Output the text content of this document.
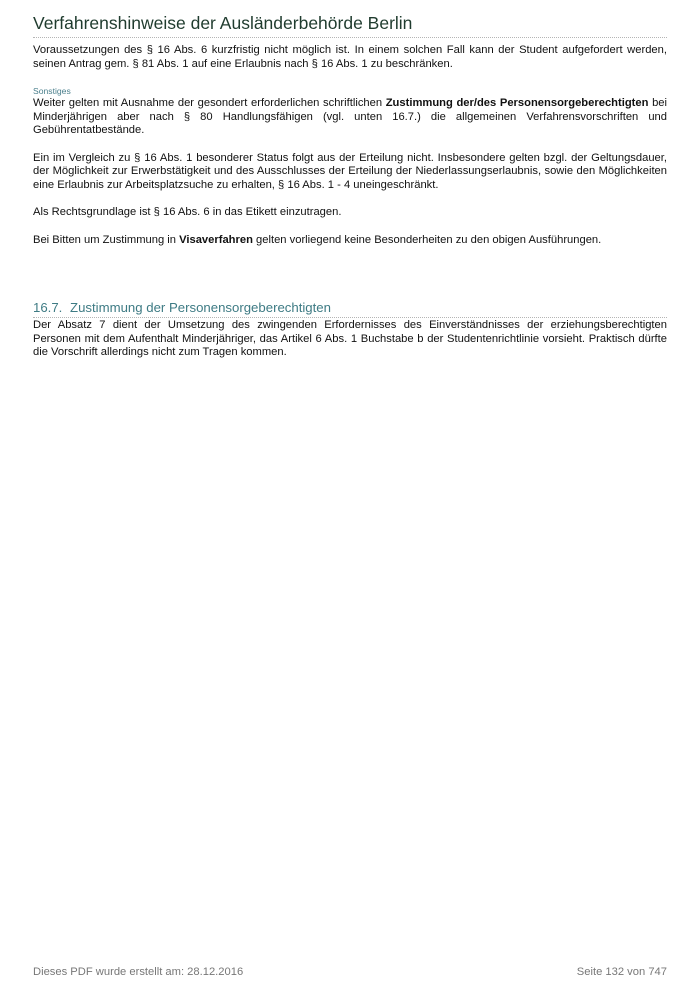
Verfahrenshinweise der Ausländerbehörde Berlin

Voraussetzungen des § 16 Abs. 6 kurzfristig nicht möglich ist. In einem solchen Fall kann der Student aufgefordert werden, seinen Antrag gem. § 81 Abs. 1 auf eine Erlaubnis nach § 16 Abs. 1 zu beschränken.

Sonstiges

Weiter gelten mit Ausnahme der gesondert erforderlichen schriftlichen Zustimmung der/des Personensorgeberechtigten bei Minderjährigen aber nach § 80 Handlungsfähigen (vgl. unten 16.7.) die allgemeinen Verfahrensvorschriften und Gebührentatbestände.

Ein im Vergleich zu § 16 Abs. 1 besonderer Status folgt aus der Erteilung nicht. Insbesondere gelten bzgl. der Geltungsdauer, der Möglichkeit zur Erwerbstätigkeit und des Ausschlusses der Erteilung der Niederlassungserlaubnis, sowie den Möglichkeiten eine Erlaubnis zur Arbeitsplatzsuche zu erhalten, § 16 Abs. 1 - 4 uneingeschränkt.

Als Rechtsgrundlage ist § 16 Abs. 6 in das Etikett einzutragen.

Bei Bitten um Zustimmung in Visaverfahren gelten vorliegend keine Besonderheiten zu den obigen Ausführungen.

16.7. Zustimmung der Personensorgeberechtigten

Der Absatz 7 dient der Umsetzung des zwingenden Erfordernisses des Einverständnisses der erziehungsberechtigten Personen mit dem Aufenthalt Minderjähriger, das Artikel 6 Abs. 1 Buchstabe b der Studentenrichtlinie vorsieht. Praktisch dürfte die Vorschrift allerdings nicht zum Tragen kommen.

Dieses PDF wurde erstellt am: 28.12.2016	Seite 132 von 747
